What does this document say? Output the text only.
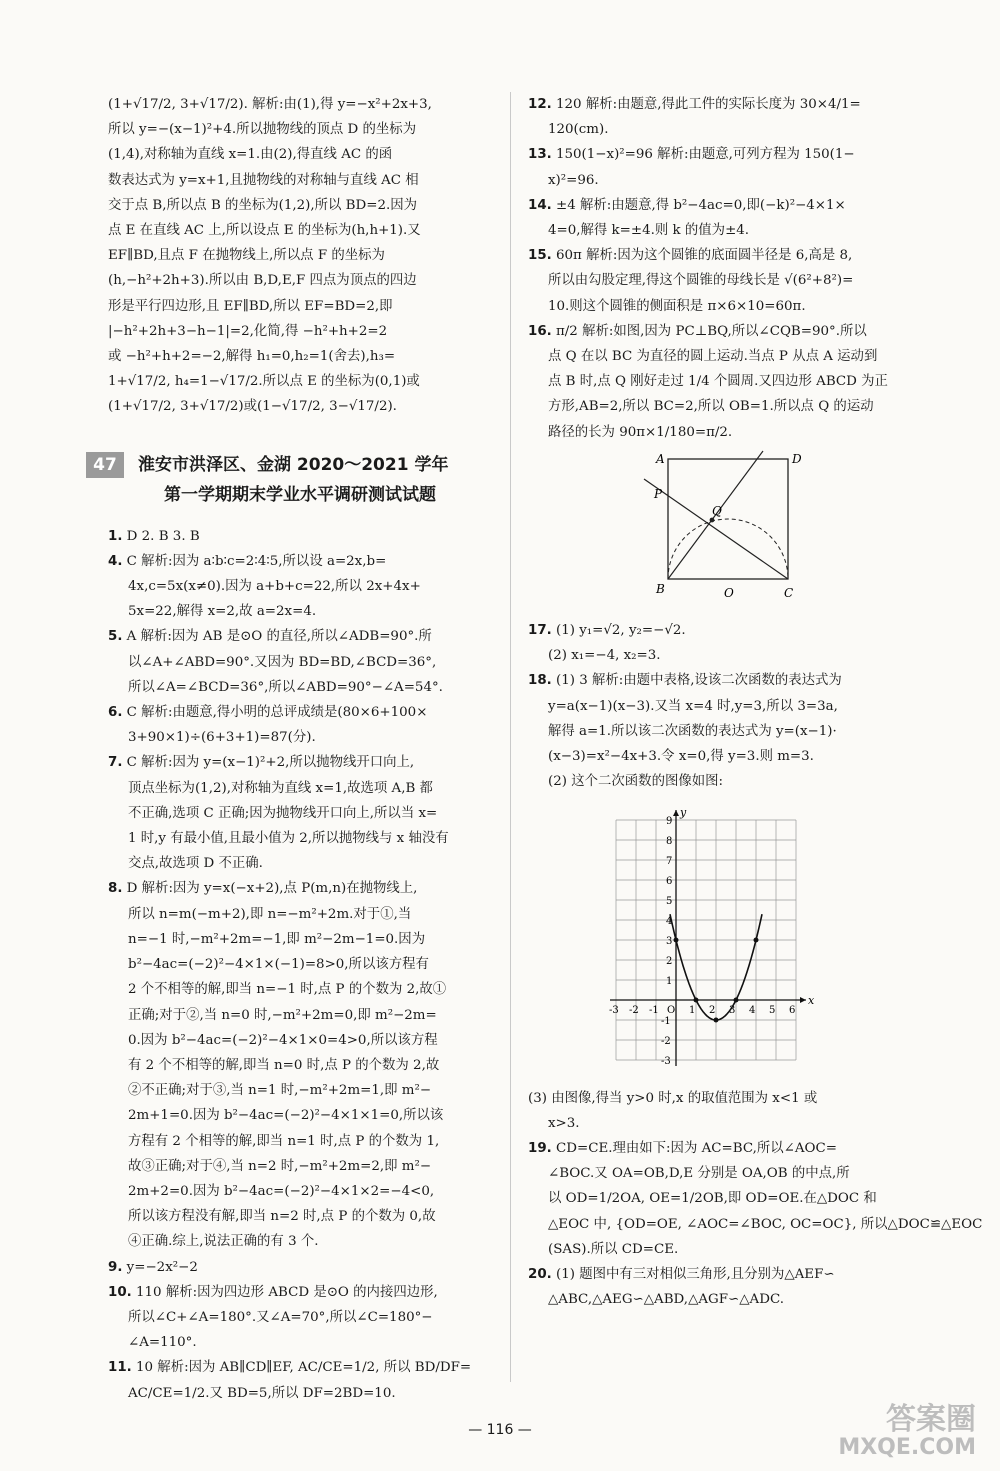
(1+√17/2, 3+√17/2). 解析:由(1),得 y=−x²+2x+3,
所以 y=−(x−1)²+4.所以抛物线的顶点 D 的坐标为
(1,4),对称轴为直线 x=1.由(2),得直线 AC 的函
数表达式为 y=x+1,且抛物线的对称轴与直线 AC 相
交于点 B,所以点 B 的坐标为(1,2),所以 BD=2.因为
点 E 在直线 AC 上,所以设点 E 的坐标为(h,h+1).又
EF∥BD,且点 F 在抛物线上,所以点 F 的坐标为
(h,−h²+2h+3).所以由 B,D,E,F 四点为顶点的四边
形是平行四边形,且 EF∥BD,所以 EF=BD=2,即
|−h²+2h+3−h−1|=2,化简,得 −h²+h+2=2
或 −h²+h+2=−2,解得 h₁=0,h₂=1(舍去),h₃=
1+√17/2, h₄=1−√17/2.所以点 E 的坐标为(0,1)或
(1+√17/2, 3+√17/2)或(1−√17/2, 3−√17/2).
47	淮安市洪泽区、金湖 2020～2021 学年
第一学期期末学业水平调研测试试题
1. D 2. B 3. B
4. C 解析:因为 a∶b∶c=2∶4∶5,所以设 a=2x,b=
4x,c=5x(x≠0).因为 a+b+c=22,所以 2x+4x+
5x=22,解得 x=2,故 a=2x=4.
5. A 解析:因为 AB 是⊙O 的直径,所以∠ADB=90°.所
以∠A+∠ABD=90°.又因为 BD=BD,∠BCD=36°,
所以∠A=∠BCD=36°,所以∠ABD=90°−∠A=54°.
6. C 解析:由题意,得小明的总评成绩是(80×6+100×
3+90×1)÷(6+3+1)=87(分).
7. C 解析:因为 y=(x−1)²+2,所以抛物线开口向上,
顶点坐标为(1,2),对称轴为直线 x=1,故选项 A,B 都
不正确,选项 C 正确;因为抛物线开口向上,所以当 x=
1 时,y 有最小值,且最小值为 2,所以抛物线与 x 轴没有
交点,故选项 D 不正确.
8. D 解析:因为 y=x(−x+2),点 P(m,n)在抛物线上,
所以 n=m(−m+2),即 n=−m²+2m.对于①,当
n=−1 时,−m²+2m=−1,即 m²−2m−1=0.因为
b²−4ac=(−2)²−4×1×(−1)=8>0,所以该方程有
2 个不相等的解,即当 n=−1 时,点 P 的个数为 2,故①
正确;对于②,当 n=0 时,−m²+2m=0,即 m²−2m=
0.因为 b²−4ac=(−2)²−4×1×0=4>0,所以该方程
有 2 个不相等的解,即当 n=0 时,点 P 的个数为 2,故
②不正确;对于③,当 n=1 时,−m²+2m=1,即 m²−
2m+1=0.因为 b²−4ac=(−2)²−4×1×1=0,所以该
方程有 2 个相等的解,即当 n=1 时,点 P 的个数为 1,
故③正确;对于④,当 n=2 时,−m²+2m=2,即 m²−
2m+2=0.因为 b²−4ac=(−2)²−4×1×2=−4<0,
所以该方程没有解,即当 n=2 时,点 P 的个数为 0,故
④正确.综上,说法正确的有 3 个.
9. y=−2x²−2
10. 110 解析:因为四边形 ABCD 是⊙O 的内接四边形,
所以∠C+∠A=180°.又∠A=70°,所以∠C=180°−
∠A=110°.
11. 10 解析:因为 AB∥CD∥EF, AC/CE=1/2, 所以 BD/DF=
AC/CE=1/2.又 BD=5,所以 DF=2BD=10.
12. 120 解析:由题意,得此工件的实际长度为 30×4/1=
120(cm).
13. 150(1−x)²=96 解析:由题意,可列方程为 150(1−
x)²=96.
14. ±4 解析:由题意,得 b²−4ac=0,即(−k)²−4×1×
4=0,解得 k=±4.则 k 的值为±4.
15. 60π 解析:因为这个圆锥的底面圆半径是 6,高是 8,
所以由勾股定理,得这个圆锥的母线长是 √(6²+8²)=
10.则这个圆锥的侧面积是 π×6×10=60π.
16. π/2 解析:如图,因为 PC⊥BQ,所以∠CQB=90°.所以
点 Q 在以 BC 为直径的圆上运动.当点 P 从点 A 运动到
点 B 时,点 Q 刚好走过 1/4 个圆周.又四边形 ABCD 为正
方形,AB=2,所以 BC=2,所以 OB=1.所以点 Q 的运动
路径的长为 90π×1/180=π/2.
A	D
P
Q
B	O	C
17. (1) y₁=√2, y₂=−√2.
(2) x₁=−4, x₂=3.
18. (1) 3 解析:由题中表格,设该二次函数的表达式为
y=a(x−1)(x−3).又当 x=4 时,y=3,所以 3=3a,
解得 a=1.所以该二次函数的表达式为 y=(x−1)·
(x−3)=x²−4x+3.令 x=0,得 y=3.则 m=3.
(2) 这个二次函数的图像如图:
x
y
-3 -2 -1 O 1 2 3 4 5 6
9
8
7
6
5
4
3
2
1
-1
-2
-3
(3) 由图像,得当 y>0 时,x 的取值范围为 x<1 或
x>3.
19. CD=CE.理由如下:因为 AC=BC,所以∠AOC=
∠BOC.又 OA=OB,D,E 分别是 OA,OB 的中点,所
以 OD=1/2OA, OE=1/2OB,即 OD=OE.在△DOC 和
△EOC 中, {OD=OE, ∠AOC=∠BOC, OC=OC}, 所以△DOC≌△EOC
(SAS).所以 CD=CE.
20. (1) 题图中有三对相似三角形,且分别为△AEF∽
△ABC,△AEG∽△ABD,△AGF∽△ADC.
— 116 —	答案圈
MXQE.COM
